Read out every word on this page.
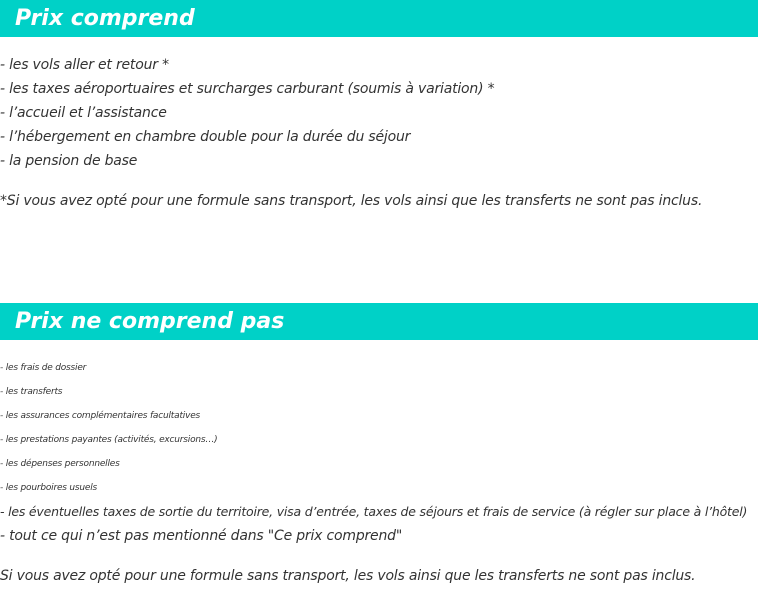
Prix comprend
- les vols aller et retour *
- les taxes aéroportuaires et surcharges carburant (soumis à variation) *
- l’accueil et l’assistance
- l’hébergement en chambre double pour la durée du séjour
- la pension de base

*Si vous avez opté pour une formule sans transport, les vols ainsi que les transferts ne sont pas inclus.

Prix ne comprend pas
- les frais de dossier
- les transferts
- les assurances complémentaires facultatives
- les prestations payantes (activités, excursions…)
- les dépenses personnelles
- les pourboires usuels
- les éventuelles taxes de sortie du territoire, visa d’entrée, taxes de séjours et frais de service (à régler sur place à l’hôtel)
- tout ce qui n’est pas mentionné dans "Ce prix comprend"

Si vous avez opté pour une formule sans transport, les vols ainsi que les transferts ne sont pas inclus.
